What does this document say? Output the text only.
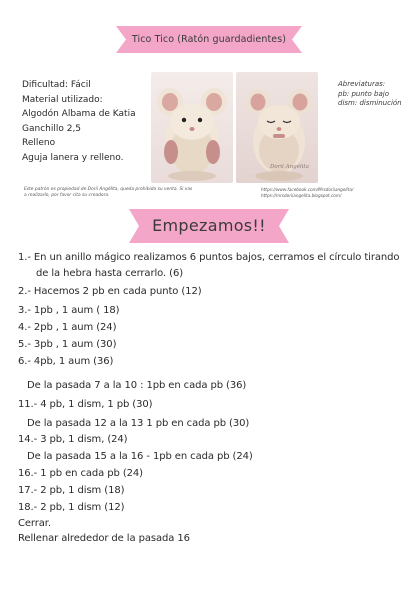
Tico Tico (Ratón guardadientes)
Dificultad: Fácil
Material utilizado:
Algodón Albama de Katia
Ganchillo 2,5
Relleno
Aguja lanera y relleno.
Dorii Angélita
Abreviaturas:
pb: punto bajo
dism: disminución
Este patrón es propiedad de Dorii Angélita, queda prohibida su venta. Si vas
a realizarlo, por favor cita su creadora.
https://www.facebook.com/Mrsdoriiangelita/
https://mrsdoriiangelita.blogspot.com/
Empezamos!!
1.- En un anillo mágico realizamos 6 puntos bajos, cerramos el círculo tirando
de la hebra hasta cerrarlo. (6)
2.- Hacemos 2 pb en cada punto (12)
3.- 1pb , 1 aum ( 18)
4.- 2pb , 1 aum (24)
5.- 3pb , 1 aum (30)
6.- 4pb, 1 aum (36)
De la pasada 7 a la 10 : 1pb en cada pb (36)
11.- 4 pb, 1 dism, 1 pb (30)
De la pasada 12 a la 13 1 pb en cada pb (30)
14.- 3 pb, 1 dism, (24)
De la pasada 15 a la 16 - 1pb en cada pb (24)
16.- 1 pb en cada pb (24)
17.- 2 pb, 1 dism (18)
18.- 2 pb, 1 dism (12)
Cerrar.
Rellenar alrededor de la pasada 16
